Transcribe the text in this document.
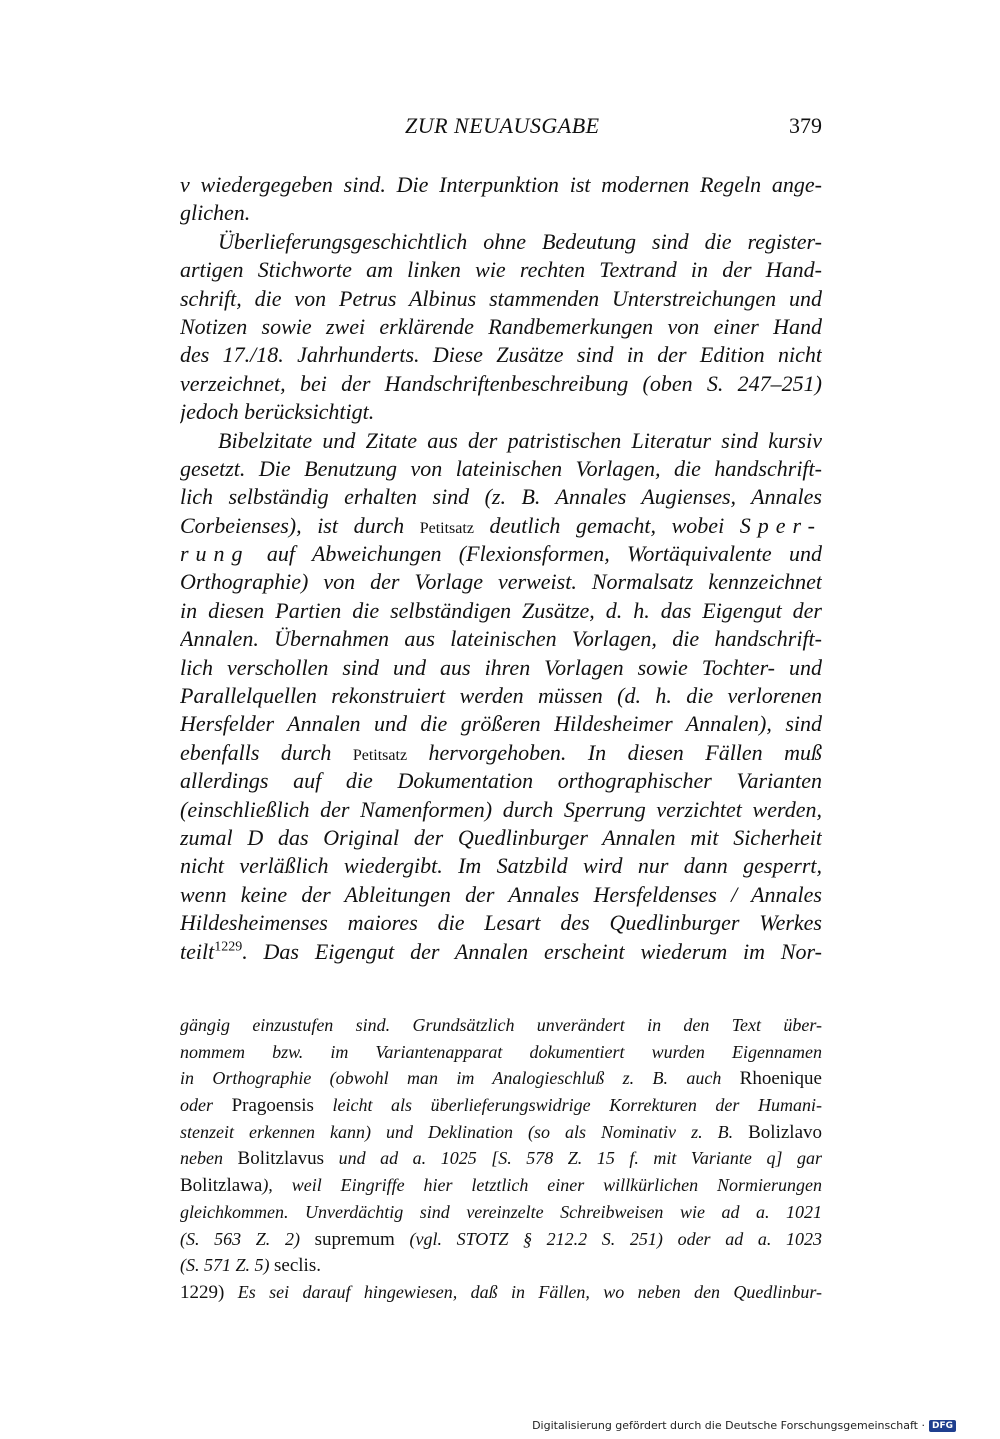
ZUR NEUAUSGABE	379
v wiedergegeben sind. Die Interpunktion ist modernen Regeln ange-
glichen.
Überlieferungsgeschichtlich ohne Bedeutung sind die register-
artigen Stichworte am linken wie rechten Textrand in der Hand-
schrift, die von Petrus Albinus stammenden Unterstreichungen und
Notizen sowie zwei erklärende Randbemerkungen von einer Hand
des 17./18. Jahrhunderts. Diese Zusätze sind in der Edition nicht
verzeichnet, bei der Handschriftenbeschreibung (oben S. 247–251)
jedoch berücksichtigt.
Bibelzitate und Zitate aus der patristischen Literatur sind kursiv
gesetzt. Die Benutzung von lateinischen Vorlagen, die handschrift-
lich selbständig erhalten sind (z. B. Annales Augienses, Annales
Corbeienses), ist durch Petitsatz deutlich gemacht, wobei Sper-
rung auf Abweichungen (Flexionsformen, Wortäquivalente und
Orthographie) von der Vorlage verweist. Normalsatz kennzeichnet
in diesen Partien die selbständigen Zusätze, d. h. das Eigengut der
Annalen. Übernahmen aus lateinischen Vorlagen, die handschrift-
lich verschollen sind und aus ihren Vorlagen sowie Tochter- und
Parallelquellen rekonstruiert werden müssen (d. h. die verlorenen
Hersfelder Annalen und die größeren Hildesheimer Annalen), sind
ebenfalls durch Petitsatz hervorgehoben. In diesen Fällen muß
allerdings auf die Dokumentation orthographischer Varianten
(einschließlich der Namenformen) durch Sperrung verzichtet werden,
zumal D das Original der Quedlinburger Annalen mit Sicherheit
nicht verläßlich wiedergibt. Im Satzbild wird nur dann gesperrt,
wenn keine der Ableitungen der Annales Hersfeldenses / Annales
Hildesheimenses maiores die Lesart des Quedlinburger Werkes
teilt$^{1229}$. Das Eigengut der Annalen erscheint wiederum im Nor-
gängig einzustufen sind. Grundsätzlich unverändert in den Text über-
nommem bzw. im Variantenapparat dokumentiert wurden Eigennamen
in Orthographie (obwohl man im Analogieschluß z. B. auch Rhoenique
oder Pragoensis leicht als überlieferungswidrige Korrekturen der Humani-
stenzeit erkennen kann) und Deklination (so als Nominativ z. B. Bolizlavo
neben Bolitzlavus und ad a. 1025 [S. 578 Z. 15 f. mit Variante q] gar
Bolitzlawa), weil Eingriffe hier letztlich einer willkürlichen Normierungen
gleichkommen. Unverdächtig sind vereinzelte Schreibweisen wie ad a. 1021
(S. 563 Z. 2) supremum (vgl. STOTZ § 212.2 S. 251) oder ad a. 1023
(S. 571 Z. 5) seclis.
1229) Es sei darauf hingewiesen, daß in Fällen, wo neben den Quedlinbur-
Digitalisierung gefördert durch die Deutsche Forschungsgemeinschaft · DFG
